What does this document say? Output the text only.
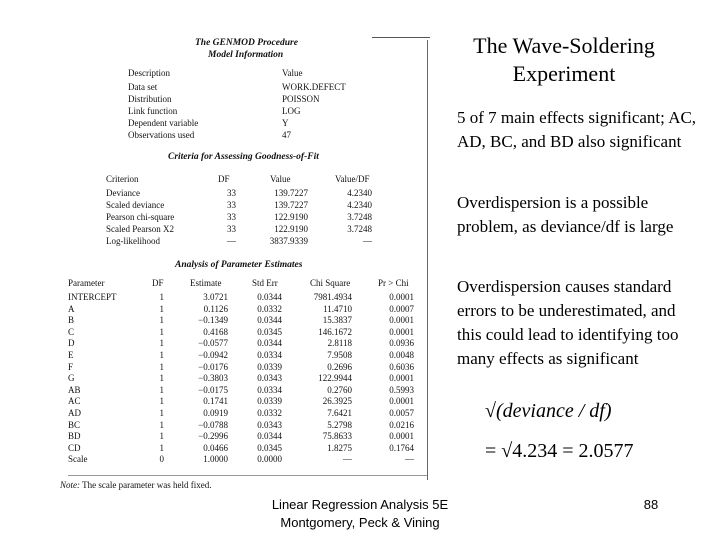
The GENMOD Procedure
Model Information
Description	Value
Data set	WORK.DEFECT
Distribution	POISSON
Link function	LOG
Dependent variable	Y
Observations used	47
Criteria for Assessing Goodness-of-Fit
Criterion	DF	Value	Value/DF
Deviance	33	139.7227	4.2340
Scaled deviance	33	139.7227	4.2340
Pearson chi-square	33	122.9190	3.7248
Scaled Pearson X2	33	122.9190	3.7248
Log-likelihood	—	3837.9339	—
Analysis of Parameter Estimates
Parameter	DF	Estimate	Std Err	Chi Square	Pr > Chi
INTERCEPT	1	3.0721	0.0344	7981.4934	0.0001
A	1	0.1126	0.0332	11.4710	0.0007
B	1	−0.1349	0.0344	15.3837	0.0001
C	1	0.4168	0.0345	146.1672	0.0001
D	1	−0.0577	0.0344	2.8118	0.0936
E	1	−0.0942	0.0334	7.9508	0.0048
F	1	−0.0176	0.0339	0.2696	0.6036
G	1	−0.3803	0.0343	122.9944	0.0001
AB	1	−0.0175	0.0334	0.2760	0.5993
AC	1	0.1741	0.0339	26.3925	0.0001
AD	1	0.0919	0.0332	7.6421	0.0057
BC	1	−0.0788	0.0343	5.2798	0.0216
BD	1	−0.2996	0.0344	75.8633	0.0001
CD	1	0.0466	0.0345	1.8275	0.1764
Scale	0	1.0000	0.0000	—	—
Note: The scale parameter was held fixed.
The Wave-Soldering Experiment
5 of 7 main effects significant; AC, AD, BC, and BD also significant
Overdispersion is a possible problem, as deviance/df is large
Overdispersion causes standard errors to be underestimated, and this could lead to identifying too many effects as significant
√(deviance / df)
= √4.234 = 2.0577
Linear Regression Analysis 5E
Montgomery, Peck & Vining
88
